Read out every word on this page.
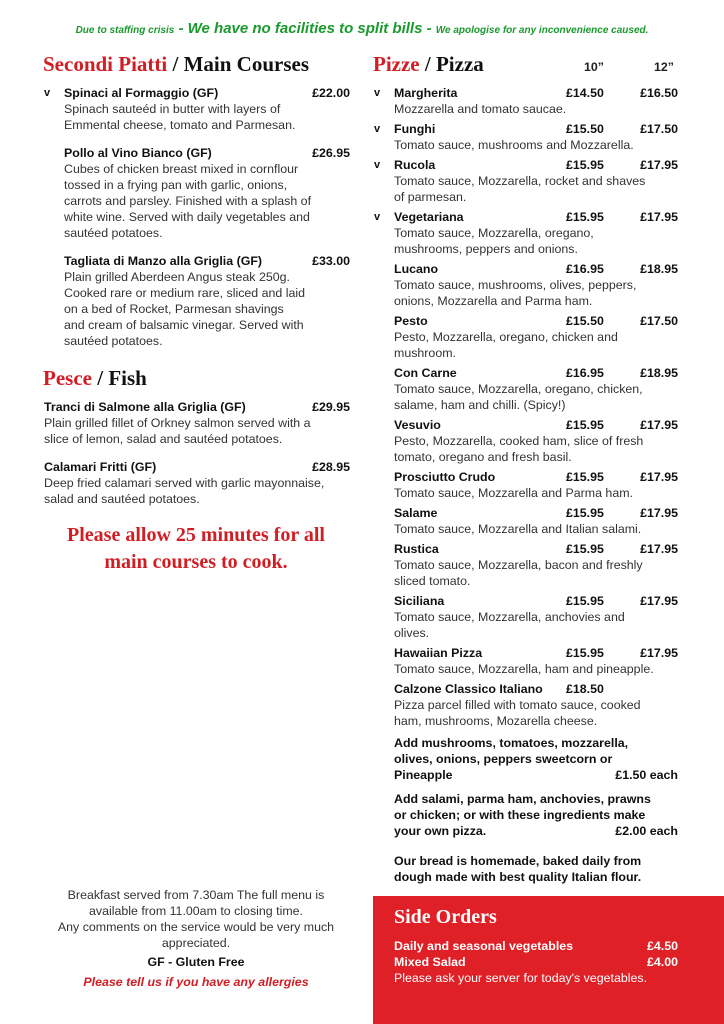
Due to staffing crisis - We have no facilities to split bills - We apologise for any inconvenience caused.
Secondi Piatti / Main Courses
v Spinaci al Formaggio (GF)	£22.00
Spinach sauteéd in butter with layers of
Emmental cheese, tomato and Parmesan.
Pollo al Vino Bianco (GF)	£26.95
Cubes of chicken breast mixed in cornflour
tossed in a frying pan with garlic, onions,
carrots and parsley. Finished with a splash of
white wine. Served with daily vegetables and
sautéed potatoes.
Tagliata di Manzo alla Griglia (GF)	£33.00
Plain grilled Aberdeen Angus steak 250g.
Cooked rare or medium rare, sliced and laid
on a bed of Rocket, Parmesan shavings
and cream of balsamic vinegar. Served with
sautéed potatoes.
Pesce / Fish
Tranci di Salmone alla Griglia (GF)	£29.95
Plain grilled fillet of Orkney salmon served with a
slice of lemon, salad and sautéed potatoes.
Calamari Fritti (GF)	£28.95
Deep fried calamari served with garlic mayonnaise,
salad and sautéed potatoes.
Please allow 25 minutes for all
main courses to cook.
Pizze / Pizza	10”	12”
v Margherita	£14.50	£16.50
Mozzarella and tomato saucae.
v Funghi	£15.50	£17.50
Tomato sauce, mushrooms and Mozzarella.
v Rucola	£15.95	£17.95
Tomato sauce, Mozzarella, rocket and shaves
of parmesan.
v Vegetariana	£15.95	£17.95
Tomato sauce, Mozzarella, oregano,
mushrooms, peppers and onions.
Lucano	£16.95	£18.95
Tomato sauce, mushrooms, olives, peppers,
onions, Mozzarella and Parma ham.
Pesto	£15.50	£17.50
Pesto, Mozzarella, oregano, chicken and
mushroom.
Con Carne	£16.95	£18.95
Tomato sauce, Mozzarella, oregano, chicken,
salame, ham and chilli. (Spicy!)
Vesuvio	£15.95	£17.95
Pesto, Mozzarella, cooked ham, slice of fresh
tomato, oregano and fresh basil.
Prosciutto Crudo	£15.95	£17.95
Tomato sauce, Mozzarella and Parma ham.
Salame	£15.95	£17.95
Tomato sauce, Mozzarella and Italian salami.
Rustica	£15.95	£17.95
Tomato sauce, Mozzarella, bacon and freshly
sliced tomato.
Siciliana	£15.95	£17.95
Tomato sauce, Mozzarella, anchovies and
olives.
Hawaiian Pizza	£15.95	£17.95
Tomato sauce, Mozzarella, ham and pineapple.
Calzone Classico Italiano	£18.50
Pizza parcel filled with tomato sauce, cooked
ham, mushrooms, Mozarella cheese.
Add mushrooms, tomatoes, mozzarella,
olives, onions, peppers sweetcorn or
Pineapple	£1.50 each
Add salami, parma ham, anchovies, prawns
or chicken; or with these ingredients make
your own pizza.	£2.00 each
Our bread is homemade, baked daily from
dough made with best quality Italian flour.
Breakfast served from 7.30am The full menu is
available from 11.00am to closing time.
Any comments on the service would be very much
appreciated.
GF - Gluten Free
Please tell us if you have any allergies
Side Orders
Daily and seasonal vegetables	£4.50
Mixed Salad	£4.00
Please ask your server for today's vegetables.
